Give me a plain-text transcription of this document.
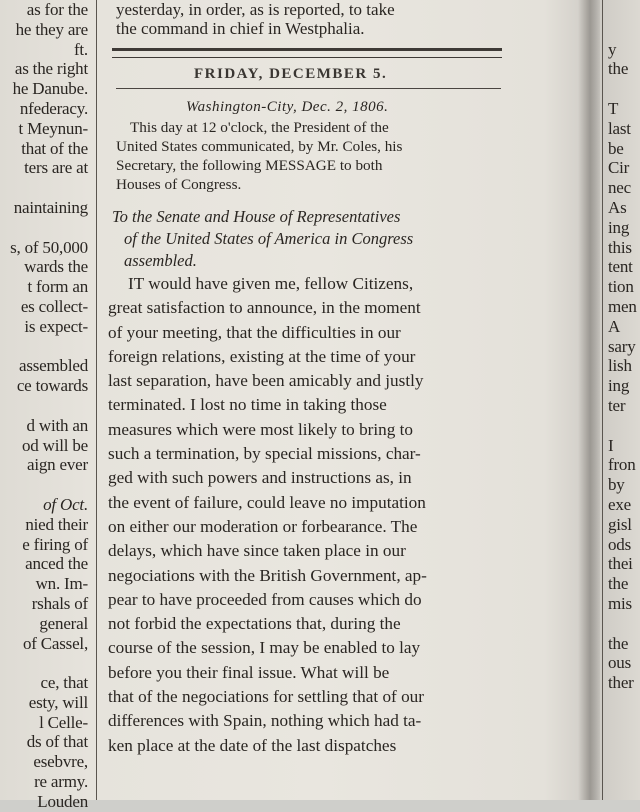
as for the
he they are
ft.
as the right
he Danube.
nfederacy.
t Meynun-
that of the
ters are at

naintaining

s, of 50,000
wards the
t form an
es collect-
is expect-

assembled
ce towards

d with an
od will be
aign ever

of Oct.
nied their
e firing of
anced the
wn. Im-
rshals of
general
of Cassel,

ce, that
esty, will
l Celle-
ds of that
esebvre,
re army.
Louden
yesterday, in order, as is reported, to take
the command in chief in Westphalia.
FRIDAY, DECEMBER 5.
Washington-City, Dec. 2, 1806.
This day at 12 o'clock, the President of the
United States communicated, by Mr. Coles, his
Secretary, the following MESSAGE to both
Houses of Congress.
To the Senate and House of Representatives
of the United States of America in Congress
assembled.
IT would have given me, fellow Citizens,
great satisfaction to announce, in the moment
of your meeting, that the difficulties in our
foreign relations, existing at the time of your
last separation, have been amicably and justly
terminated. I lost no time in taking those
measures which were most likely to bring to
such a termination, by special missions, char-
ged with such powers and instructions as, in
the event of failure, could leave no imputation
on either our moderation or forbearance. The
delays, which have since taken place in our
negociations with the British Government, ap-
pear to have proceeded from causes which do
not forbid the expectations that, during the
course of the session, I may be enabled to lay
before you their final issue. What will be
that of the negociations for settling that of our
differences with Spain, nothing which had ta-
ken place at the date of the last dispatches

y
the

T
last
be
Cir
nec
As
ing
this
tent
tion
men
A
sary
lish
ing
ter

I
fron
by
exe
gisl
ods
thei
the
mis

the
ous
ther
